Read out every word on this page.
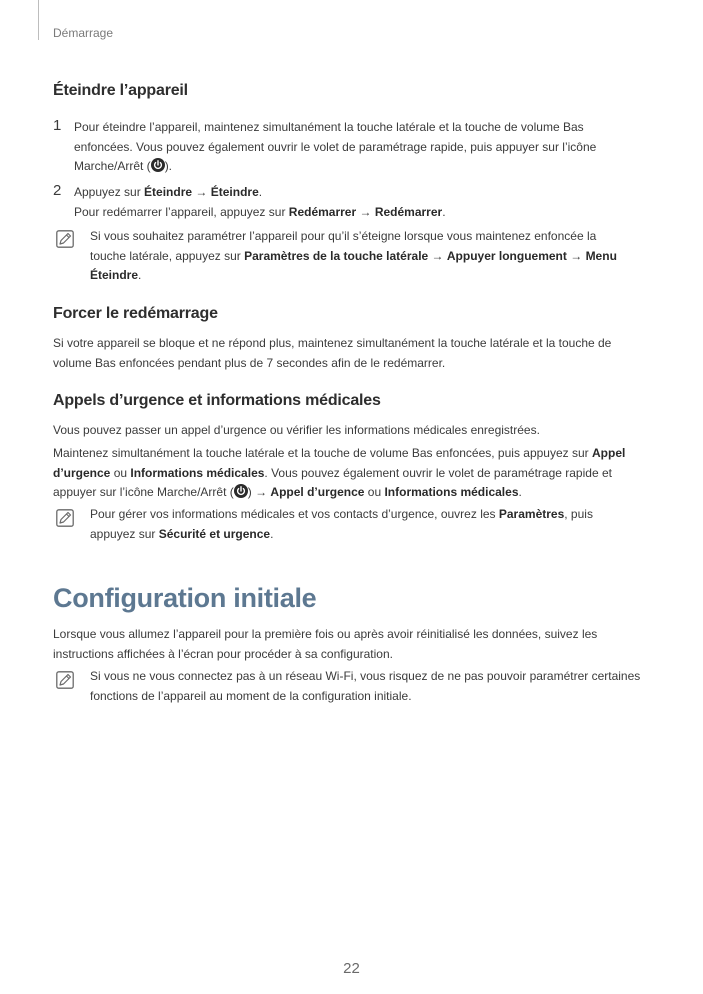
Démarrage
Éteindre l’appareil
1 Pour éteindre l’appareil, maintenez simultanément la touche latérale et la touche de volume Bas
enfoncées. Vous pouvez également ouvrir le volet de paramétrage rapide, puis appuyer sur l’icône
Marche/Arrêt ( ).
2 Appuyez sur Éteindre → Éteindre.
Pour redémarrer l’appareil, appuyez sur Redémarrer → Redémarrer.
Si vous souhaitez paramétrer l’appareil pour qu’il s’éteigne lorsque vous maintenez enfoncée la
touche latérale, appuyez sur Paramètres de la touche latérale → Appuyer longuement → Menu
Éteindre.
Forcer le redémarrage
Si votre appareil se bloque et ne répond plus, maintenez simultanément la touche latérale et la touche de
volume Bas enfoncées pendant plus de 7 secondes afin de le redémarrer.
Appels d’urgence et informations médicales
Vous pouvez passer un appel d’urgence ou vérifier les informations médicales enregistrées.
Maintenez simultanément la touche latérale et la touche de volume Bas enfoncées, puis appuyez sur Appel
d’urgence ou Informations médicales. Vous pouvez également ouvrir le volet de paramétrage rapide et
appuyer sur l’icône Marche/Arrêt ( ) → Appel d’urgence ou Informations médicales.
Pour gérer vos informations médicales et vos contacts d’urgence, ouvrez les Paramètres, puis
appuyez sur Sécurité et urgence.
Configuration initiale
Lorsque vous allumez l’appareil pour la première fois ou après avoir réinitialisé les données, suivez les
instructions affichées à l’écran pour procéder à sa configuration.
Si vous ne vous connectez pas à un réseau Wi-Fi, vous risquez de ne pas pouvoir paramétrer certaines
fonctions de l’appareil au moment de la configuration initiale.
22
